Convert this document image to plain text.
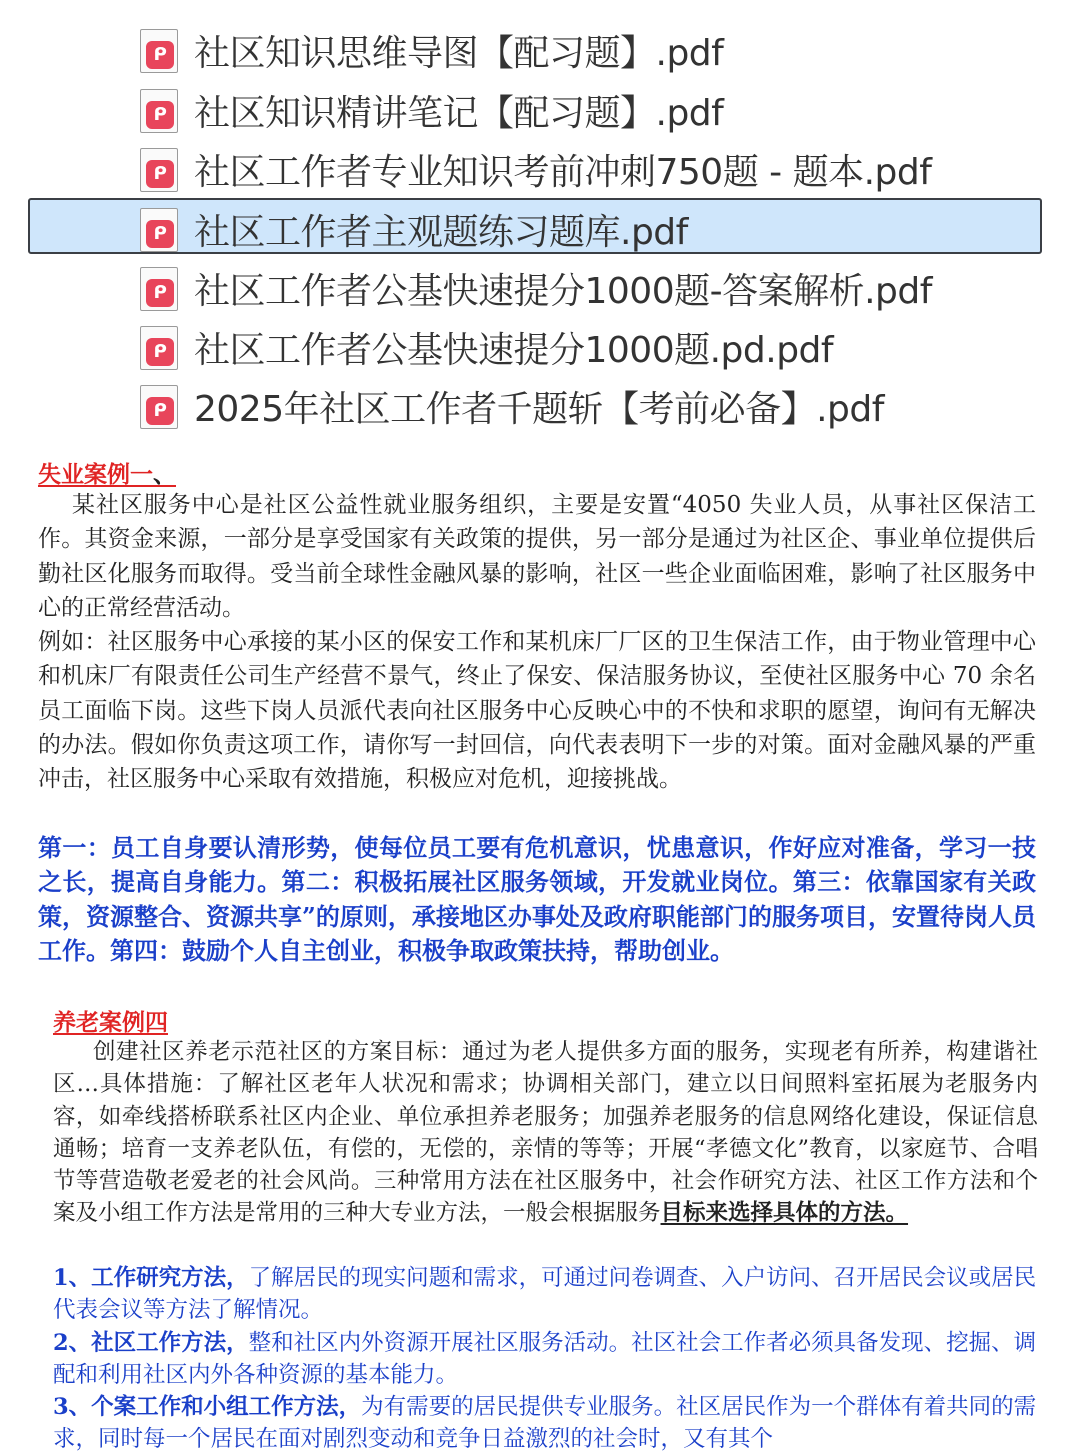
ᑭ 社区知识思维导图【配习题】.pdf
ᑭ 社区知识精讲笔记【配习题】.pdf
ᑭ 社区工作者专业知识考前冲刺750题 - 题本.pdf
ᑭ 社区工作者主观题练习题库.pdf
ᑭ 社区工作者公基快速提分1000题-答案解析.pdf
ᑭ 社区工作者公基快速提分1000题.pd.pdf
ᑭ 2025年社区工作者千题斩【考前必备】.pdf
失业案例一、
某社区服务中心是社区公益性就业服务组织，主要是安置“4050 失业人员，从事社区保洁工作。其资金来源，一部分是享受国家有关政策的提供，另一部分是通过为社区企、事业单位提供后勤社区化服务而取得。受当前全球性金融风暴的影响，社区一些企业面临困难，影响了社区服务中心的正常经营活动。
例如：社区服务中心承接的某小区的保安工作和某机床厂厂区的卫生保洁工作，由于物业管理中心和机床厂有限责任公司生产经营不景气，终止了保安、保洁服务协议，至使社区服务中心 70 余名员工面临下岗。这些下岗人员派代表向社区服务中心反映心中的不快和求职的愿望，询问有无解决的办法。假如你负责这项工作，请你写一封回信，向代表表明下一步的对策。面对金融风暴的严重冲击，社区服务中心采取有效措施，积极应对危机，迎接挑战。
第一：员工自身要认清形势，使每位员工要有危机意识，忧患意识，作好应对准备，学习一技之长，提高自身能力。第二：积极拓展社区服务领域，开发就业岗位。第三：依靠国家有关政策，资源整合、资源共享”的原则，承接地区办事处及政府职能部门的服务项目，安置待岗人员工作。第四：鼓励个人自主创业，积极争取政策扶持，帮助创业。
养老案例四
创建社区养老示范社区的方案目标：通过为老人提供多方面的服务，实现老有所养，构建谐社区…具体措施：了解社区老年人状况和需求；协调相关部门，建立以日间照料室拓展为老服务内容，如牵线搭桥联系社区内企业、单位承担养老服务；加强养老服务的信息网络化建设，保证信息通畅；培育一支养老队伍，有偿的，无偿的，亲情的等等；开展“孝德文化”教育，以家庭节、合唱节等营造敬老爱老的社会风尚。三种常用方法在社区服务中，社会作研究方法、社区工作方法和个案及小组工作方法是常用的三种大专业方法，一般会根据服务目标来选择具体的方法。
1、工作研究方法，了解居民的现实问题和需求，可通过问卷调查、入户访问、召开居民会议或居民代表会议等方法了解情况。
2、社区工作方法，整和社区内外资源开展社区服务活动。社区社会工作者必须具备发现、挖掘、调配和利用社区内外各种资源的基本能力。
3、个案工作和小组工作方法，为有需要的居民提供专业服务。社区居民作为一个群体有着共同的需求，同时每一个居民在面对剧烈变动和竞争日益激烈的社会时，又有其个
